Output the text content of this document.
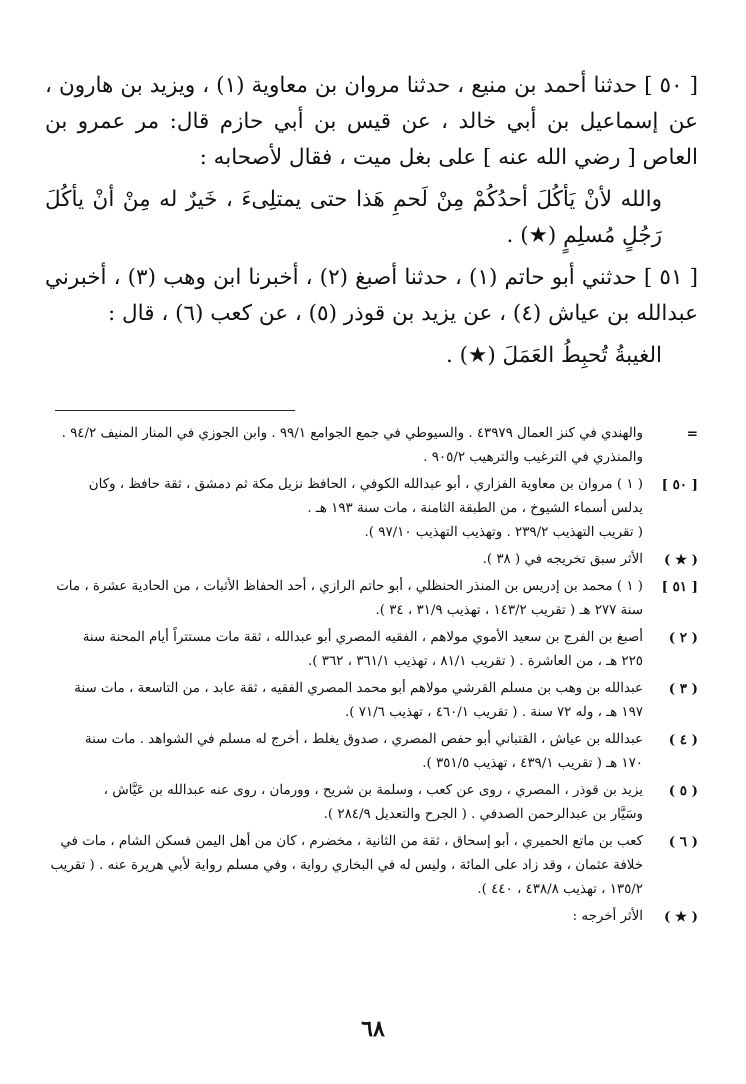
[ ٥٠ ] حدثنا أحمد بن منيع ، حدثنا مروان بن معاوية (١) ، ويزيد بن هارون ، عن إسماعيل بن أبي خالد ، عن قيس بن أبي حازم قال: مر عمرو بن العاص [ رضي الله عنه ] على بغل ميت ، فقال لأصحابه :

والله لأنْ يَأكُلَ أحدُكُمْ مِنْ لَحمِ هَذا حتى يمتلِىءَ ، خَيرٌ له مِنْ أنْ يأكُلَ رَجُلٍ مُسلِمٍ (★) .

[ ٥١ ] حدثني أبو حاتم (١) ، حدثنا أصبغ (٢) ، أخبرنا ابن وهب (٣) ، أخبرني عبدالله بن عياش (٤) ، عن يزيد بن قوذر (٥) ، عن كعب (٦) ، قال :

الغيبةُ تُحبِطُ العَمَلَ (★) .

=
والهندي في كنز العمال ٤٣٩٧٩ . والسيوطي في جمع الجوامع ٩٩/١ . وابن الجوزي في المنار المنيف ٩٤/٢ .
والمنذري في الترغيب والترهيب ٩٠٥/٢ .
[ ٥٠ ]
( ١ ) مروان بن معاوية الفزاري ، أبو عبدالله الكوفي ، الحافظ نزيل مكة ثم دمشق ، ثقة حافظ ، وكان
يدلس أسماء الشيوخ ، من الطبقة الثامنة ، مات سنة ١٩٣ هـ .
( تقريب التهذيب ٢٣٩/٢ . وتهذيب التهذيب ٩٧/١٠ ).
( ★ )
الأثر سبق تخريجه في ( ٣٨ ).
[ ٥١ ]
( ١ ) محمد بن إدريس بن المنذر الحنظلي ، أبو حاتم الرازي ، أحد الحفاظ الأثبات ، من الحادية عشرة ، مات
سنة ٢٧٧ هـ ( تقريب ١٤٣/٢ ، تهذيب ٣١/٩ ، ٣٤ ).
( ٢ )
أصبغ بن الفرج بن سعيد الأموي مولاهم ، الفقيه المصري أبو عبدالله ، ثقة مات مستتراً أيام المحنة سنة
٢٢٥ هـ ، من العاشرة . ( تقريب ٨١/١ ، تهذيب ٣٦١/١ ، ٣٦٢ ).
( ٣ )
عبدالله بن وهب بن مسلم القرشي مولاهم أبو محمد المصري الفقيه ، ثقة عابد ، من التاسعة ، مات سنة
١٩٧ هـ ، وله ٧٢ سنة . ( تقريب ٤٦٠/١ ، تهذيب ٧١/٦ ).
( ٤ )
عبدالله بن عياش ، القتباني أبو حفص المصري ، صدوق يغلط ، أخرج له مسلم في الشواهد . مات سنة
١٧٠ هـ ( تقريب ٤٣٩/١ ، تهذيب ٣٥١/٥ ).
( ٥ )
يزيد بن قوذر ، المصري ، روى عن كعب ، وسلمة بن شريح ، وورمان ، روى عنه عبدالله بن عَيَّاش ،
وسَيَّار بن عبدالرحمن الصدفي . ( الجرح والتعديل ٢٨٤/٩ ).
( ٦ )
كعب بن ماتع الحميري ، أبو إسحاق ، ثقة من الثانية ، مخضرم ، كان من أهل اليمن فسكن الشام ، مات في
خلافة عثمان ، وقد زاد على المائة ، وليس له في البخاري رواية ، وفي مسلم رواية لأبي هريرة عنه . ( تقريب
١٣٥/٢ ، تهذيب ٤٣٨/٨ ، ٤٤٠ ).
( ★ )
الأثر أخرجه :
٦٨
